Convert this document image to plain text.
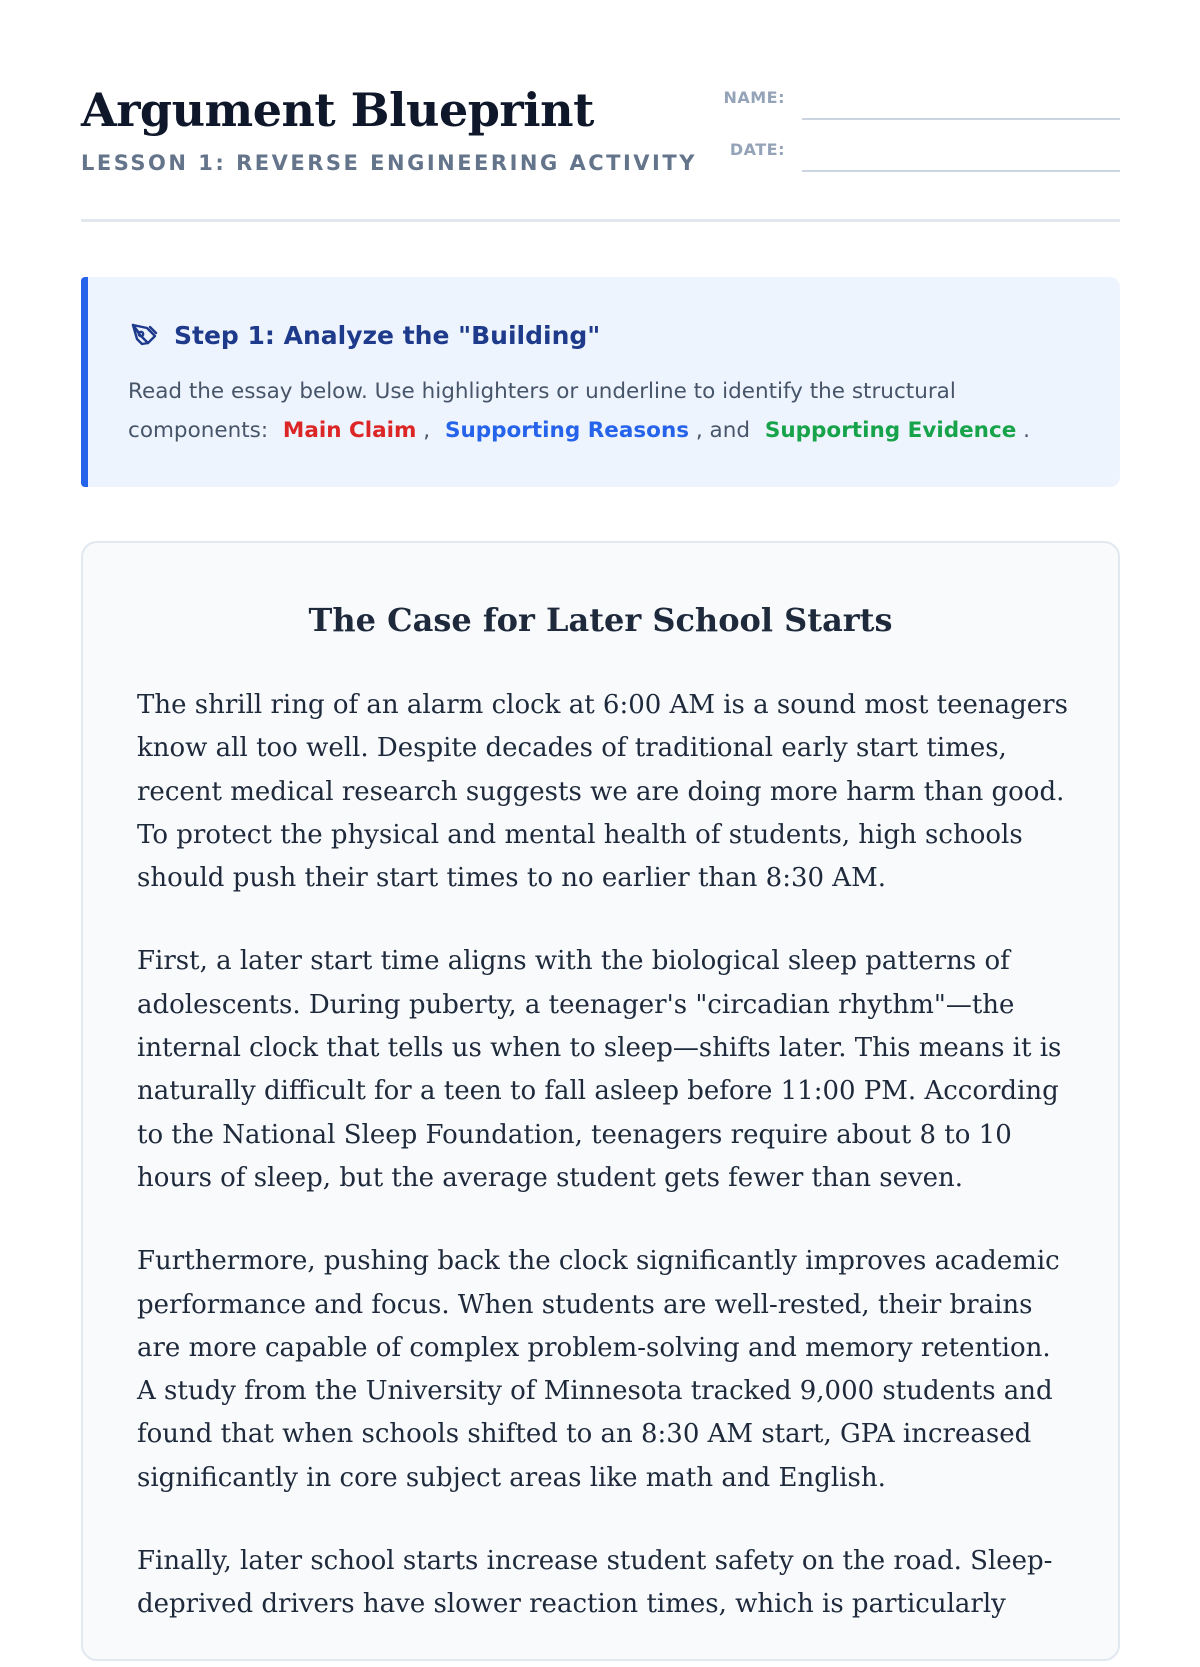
Argument Blueprint
LESSON 1: REVERSE ENGINEERING ACTIVITY
NAME:
DATE:
Step 1: Analyze the "Building"
Read the essay below. Use highlighters or underline to identify the structural components: Main Claim , Supporting Reasons , and Supporting Evidence .
The Case for Later School Starts

The shrill ring of an alarm clock at 6:00 AM is a sound most teenagers know all too well. Despite decades of traditional early start times, recent medical research suggests we are doing more harm than good. To protect the physical and mental health of students, high schools should push their start times to no earlier than 8:30 AM.

First, a later start time aligns with the biological sleep patterns of adolescents. During puberty, a teenager's "circadian rhythm"—the internal clock that tells us when to sleep—shifts later. This means it is naturally difficult for a teen to fall asleep before 11:00 PM. According to the National Sleep Foundation, teenagers require about 8 to 10 hours of sleep, but the average student gets fewer than seven.

Furthermore, pushing back the clock significantly improves academic performance and focus. When students are well-rested, their brains are more capable of complex problem-solving and memory retention. A study from the University of Minnesota tracked 9,000 students and found that when schools shifted to an 8:30 AM start, GPA increased significantly in core subject areas like math and English.

Finally, later school starts increase student safety on the road. Sleep-deprived drivers have slower reaction times, which is particularly
